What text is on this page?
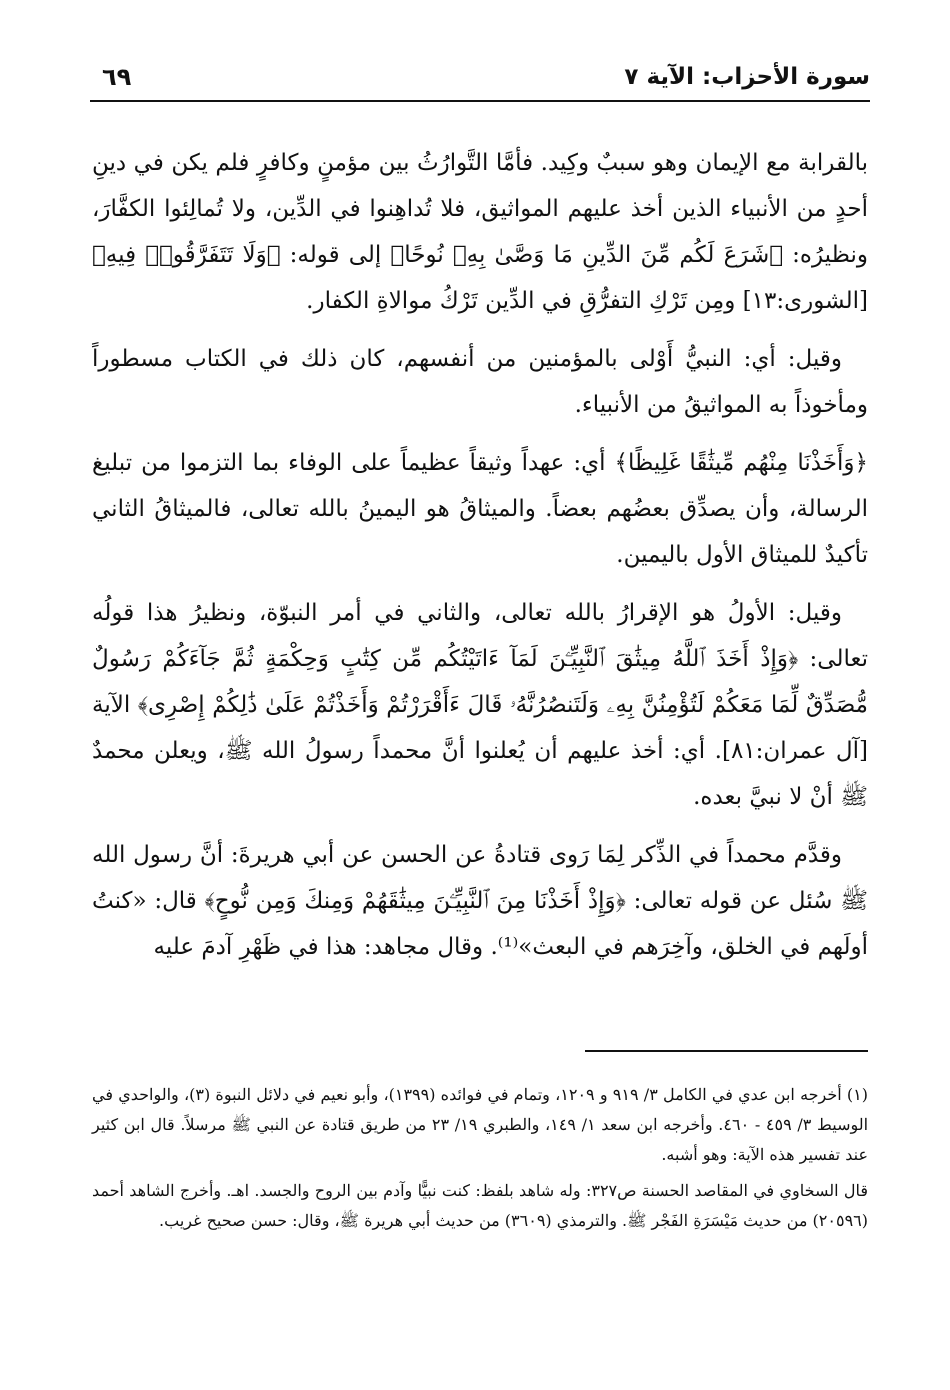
سورة الأحزاب: الآية ٧
٦٩

بالقرابة مع الإيمان وهو سببٌ وكِيد. فأمَّا التَّوارُثُ بين مؤمنٍ وكافرٍ فلم يكن في دينِ أحدٍ من الأنبياء الذين أخذ عليهم المواثيق، فلا تُداهِنوا في الدِّين، ولا تُمالِئوا الكفَّارَ، ونظيرُه: ﴿شَرَعَ لَكُم مِّنَ الدِّينِ مَا وَصَّىٰ بِهِۦ نُوحًا﴾ إلى قوله: ﴿وَلَا تَتَفَرَّقُوا۟ فِيهِ﴾ [الشورى:١٣] ومِن تَرْكِ التفرُّقِ في الدِّين تَرْكُ موالاةِ الكفار.

وقيل: أي: النبيُّ أَوْلى بالمؤمنين من أنفسهم، كان ذلك في الكتاب مسطوراً ومأخوذاً به المواثيقُ من الأنبياء.

﴿وَأَخَذْنَا مِنْهُم مِّيثَٰقًا غَلِيظًا﴾ أي: عهداً وثيقاً عظيماً على الوفاء بما التزموا من تبليغ الرسالة، وأن يصدِّق بعضُهم بعضاً. والميثاقُ هو اليمينُ بالله تعالى، فالميثاقُ الثاني تأكيدٌ للميثاق الأول باليمين.

وقيل: الأولُ هو الإقرارُ بالله تعالى، والثاني في أمر النبوّة، ونظيرُ هذا قولُه تعالى: ﴿وَإِذْ أَخَذَ ٱللَّهُ مِيثَٰقَ ٱلنَّبِيِّـۧنَ لَمَآ ءَاتَيْتُكُم مِّن كِتَٰبٍ وَحِكْمَةٍ ثُمَّ جَآءَكُمْ رَسُولٌ مُّصَدِّقٌ لِّمَا مَعَكُمْ لَتُؤْمِنُنَّ بِهِۦ وَلَتَنصُرُنَّهُۥ قَالَ ءَأَقْرَرْتُمْ وَأَخَذْتُمْ عَلَىٰ ذَٰلِكُمْ إِصْرِى﴾ الآية [آل عمران:٨١]. أي: أخذ عليهم أن يُعلنوا أنَّ محمداً رسولُ الله ﷺ، ويعلن محمدٌ ﷺ أنْ لا نبيَّ بعده.

وقدَّم محمداً في الذِّكر لِمَا رَوى قتادةُ عن الحسن عن أبي هريرةَ: أنَّ رسول الله ﷺ سُئل عن قوله تعالى: ﴿وَإِذْ أَخَذْنَا مِنَ ٱلنَّبِيِّـۧنَ مِيثَٰقَهُمْ وَمِنكَ وَمِن نُّوحٍ﴾ قال: «كنتُ أولَهم في الخلق، وآخِرَهم في البعث»⁽¹⁾. وقال مجاهد: هذا في ظَهْرِ آدمَ عليه

(١) أخرجه ابن عدي في الكامل ٣/ ٩١٩ و ١٢٠٩، وتمام في فوائده (١٣٩٩)، وأبو نعيم في دلائل النبوة (٣)، والواحدي في الوسيط ٣/ ٤٥٩ - ٤٦٠. وأخرجه ابن سعد ١/ ١٤٩، والطبري ١٩/ ٢٣ من طريق قتادة عن النبي ﷺ مرسلاً. قال ابن كثير عند تفسير هذه الآية: وهو أشبه.

قال السخاوي في المقاصد الحسنة ص٣٢٧: وله شاهد بلفظ: كنت نبيًّا وآدم بين الروح والجسد. اهـ. وأخرج الشاهد أحمد (٢٠٥٩٦) من حديث مَيْسَرَةِ الفَجْر ﷺ. والترمذي (٣٦٠٩) من حديث أبي هريرة ﷺ، وقال: حسن صحيح غريب.
